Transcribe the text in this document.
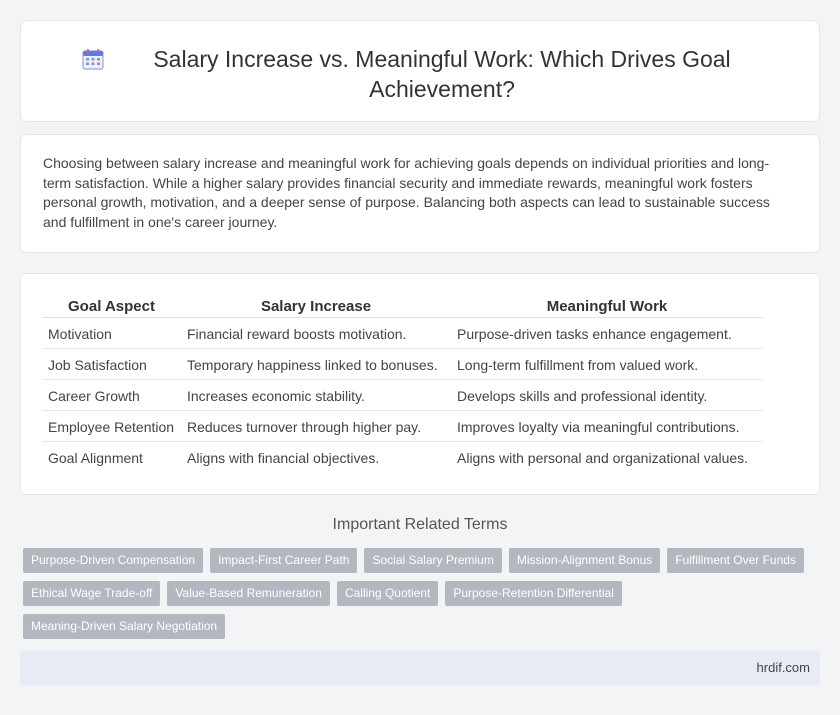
Salary Increase vs. Meaningful Work: Which Drives Goal Achievement?

Choosing between salary increase and meaningful work for achieving goals depends on individual priorities and long-term satisfaction. While a higher salary provides financial security and immediate rewards, meaningful work fosters personal growth, motivation, and a deeper sense of purpose. Balancing both aspects can lead to sustainable success and fulfillment in one's career journey.

Goal Aspect	Salary Increase	Meaningful Work
Motivation	Financial reward boosts motivation.	Purpose-driven tasks enhance engagement.
Job Satisfaction	Temporary happiness linked to bonuses.	Long-term fulfillment from valued work.
Career Growth	Increases economic stability.	Develops skills and professional identity.
Employee Retention	Reduces turnover through higher pay.	Improves loyalty via meaningful contributions.
Goal Alignment	Aligns with financial objectives.	Aligns with personal and organizational values.
Important Related Terms
Purpose-Driven Compensation	Impact-First Career Path	Social Salary Premium	Mission-Alignment Bonus	Fulfillment Over Funds
Ethical Wage Trade-off	Value-Based Remuneration	Calling Quotient	Purpose-Retention Differential
Meaning-Driven Salary Negotiation
hrdif.com
